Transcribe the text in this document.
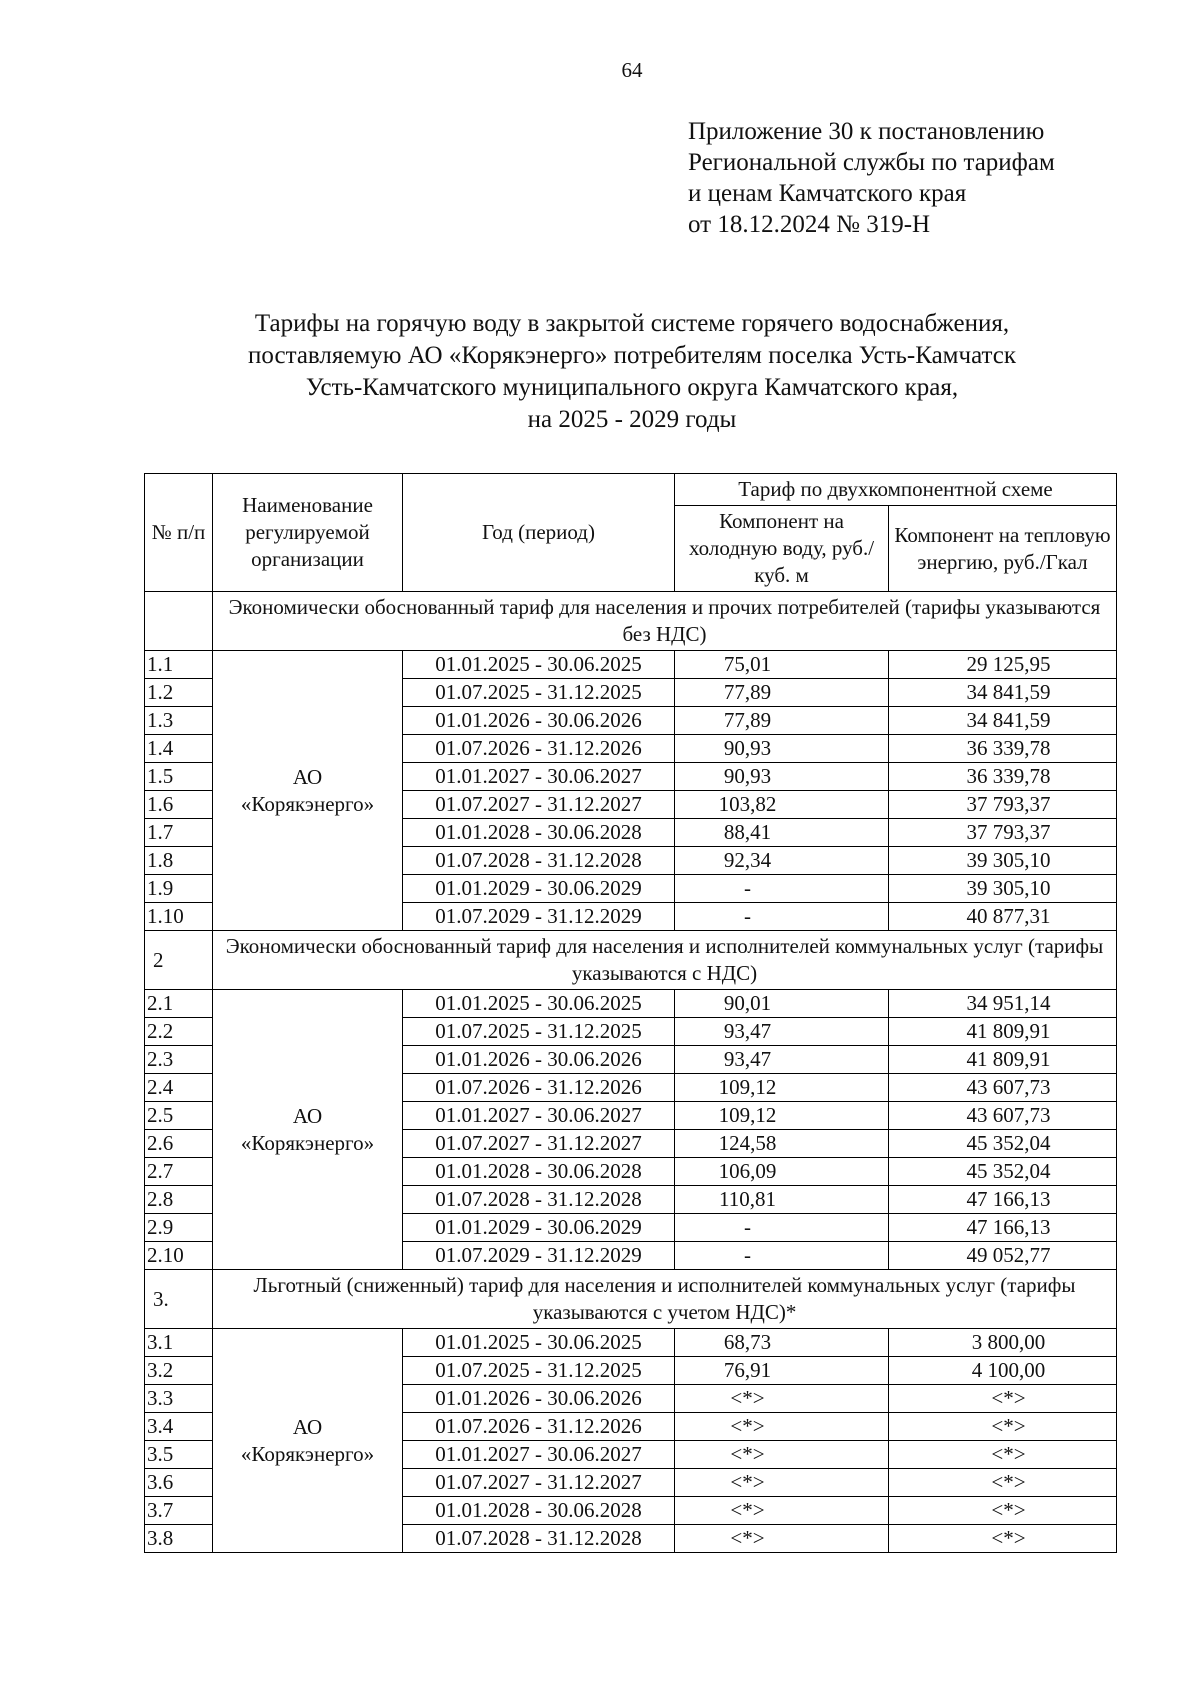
64
Приложение 30 к постановлению
Региональной службы по тарифам
и ценам Камчатского края
от 18.12.2024 № 319-Н
Тарифы на горячую воду в закрытой системе горячего водоснабжения,
поставляемую АО «Корякэнерго» потребителям поселка Усть-Камчатск
Усть-Камчатского муниципального округа Камчатского края,
на 2025 - 2029 годы
№ п/п	Наименование регулируемой организации	Год (период)	Тариф по двухкомпонентной схеме	
			Компонент на холодную воду, руб./куб. м	Компонент на тепловую энергию, руб./Гкал
	Экономически обоснованный тариф для населения и прочих потребителей (тарифы указываются без НДС)			
1.1	АО
«Корякэнерго»	01.01.2025 - 30.06.2025	75,01	29 125,95
1.2		01.07.2025 - 31.12.2025	77,89	34 841,59
1.3		01.01.2026 - 30.06.2026	77,89	34 841,59
1.4		01.07.2026 - 31.12.2026	90,93	36 339,78
1.5		01.01.2027 - 30.06.2027	90,93	36 339,78
1.6		01.07.2027 - 31.12.2027	103,82	37 793,37
1.7		01.01.2028 - 30.06.2028	88,41	37 793,37
1.8		01.07.2028 - 31.12.2028	92,34	39 305,10
1.9		01.01.2029 - 30.06.2029	-	39 305,10
1.10		01.07.2029 - 31.12.2029	-	40 877,31
2	Экономически обоснованный тариф для населения и исполнителей коммунальных услуг (тарифы указываются с НДС)			
2.1	АО
«Корякэнерго»	01.01.2025 - 30.06.2025	90,01	34 951,14
2.2		01.07.2025 - 31.12.2025	93,47	41 809,91
2.3		01.01.2026 - 30.06.2026	93,47	41 809,91
2.4		01.07.2026 - 31.12.2026	109,12	43 607,73
2.5		01.01.2027 - 30.06.2027	109,12	43 607,73
2.6		01.07.2027 - 31.12.2027	124,58	45 352,04
2.7		01.01.2028 - 30.06.2028	106,09	45 352,04
2.8		01.07.2028 - 31.12.2028	110,81	47 166,13
2.9		01.01.2029 - 30.06.2029	-	47 166,13
2.10		01.07.2029 - 31.12.2029	-	49 052,77
3.	Льготный (сниженный) тариф для населения и исполнителей коммунальных услуг (тарифы указываются с учетом НДС)*			
3.1	АО
«Корякэнерго»	01.01.2025 - 30.06.2025	68,73	3 800,00
3.2		01.07.2025 - 31.12.2025	76,91	4 100,00
3.3		01.01.2026 - 30.06.2026	<*>	<*>
3.4		01.07.2026 - 31.12.2026	<*>	<*>
3.5		01.01.2027 - 30.06.2027	<*>	<*>
3.6		01.07.2027 - 31.12.2027	<*>	<*>
3.7		01.01.2028 - 30.06.2028	<*>	<*>
3.8		01.07.2028 - 31.12.2028	<*>	<*>
